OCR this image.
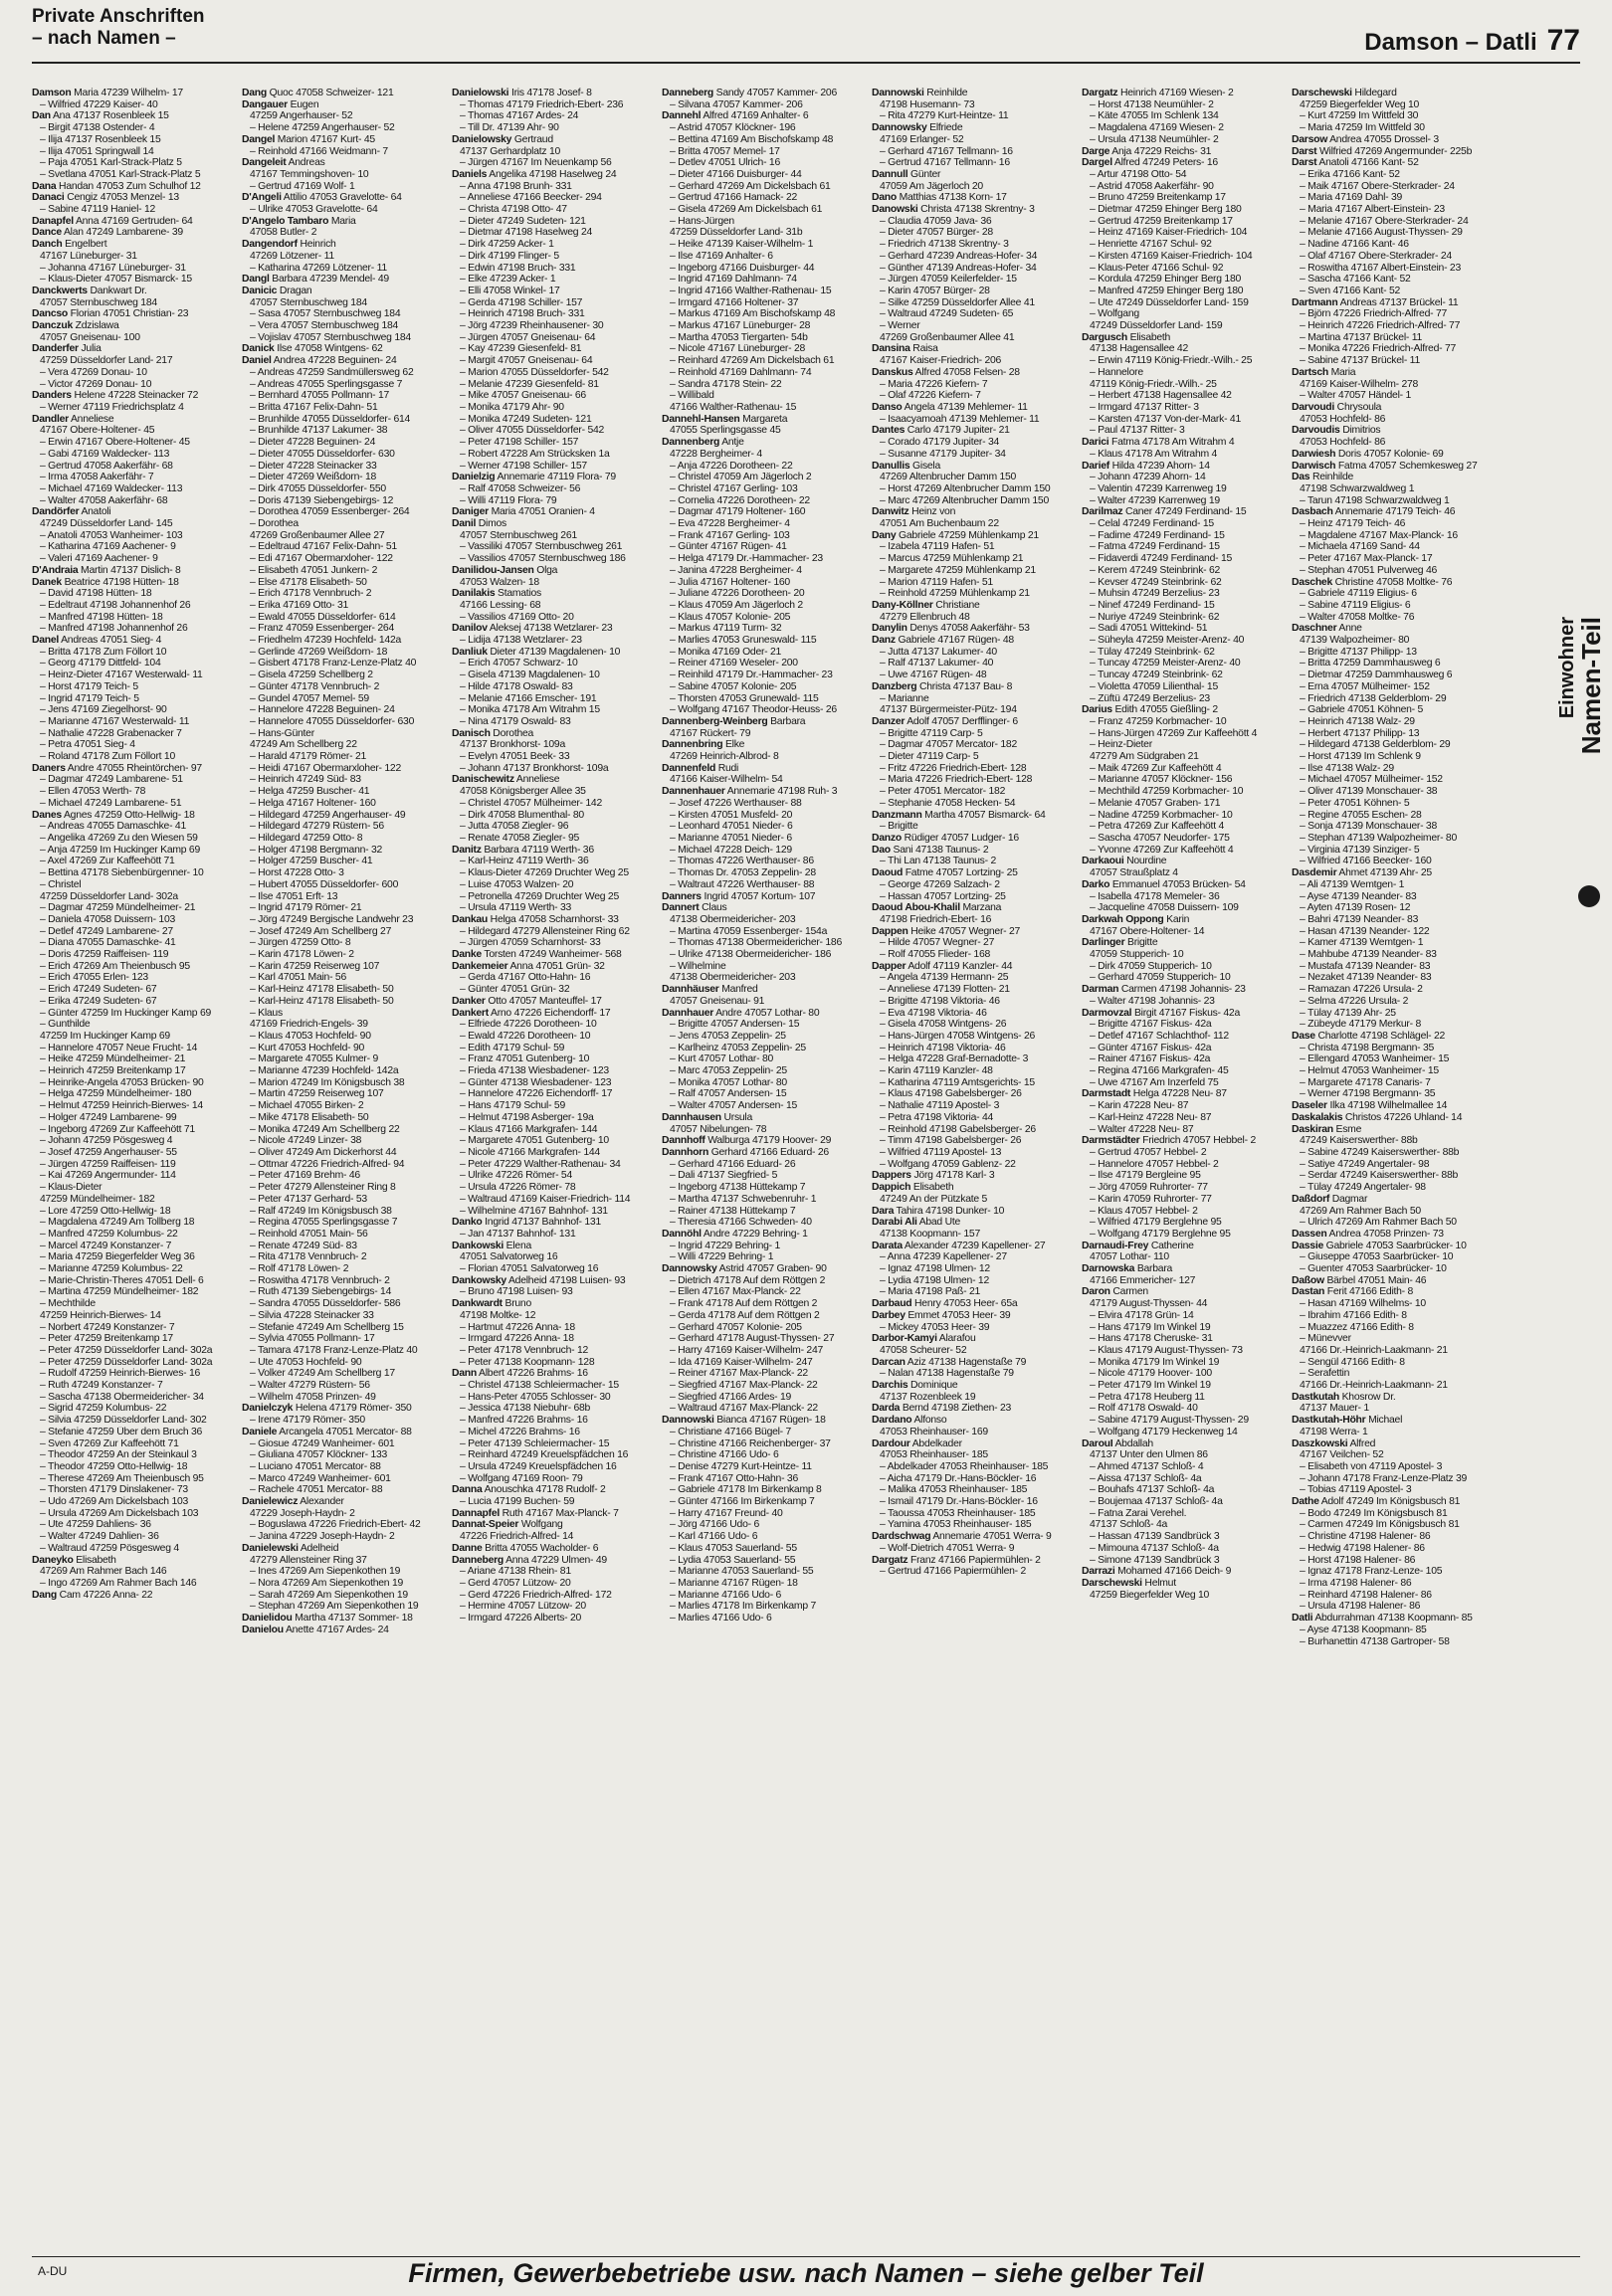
Private Anschriften
– nach Namen –	Damson – Datli 77
Damson Maria 47239 Wilhelm- 17
– Wilfried 47229 Kaiser- 40
Dan Ana 47137 Rosenbleek 15
– Birgit 47138 Ostender- 4
– Ilija 47137 Rosenbleek 15
– Ilija 47051 Springwall 14
– Paja 47051 Karl-Strack-Platz 5
– Svetlana 47051 Karl-Strack-Platz 5
Dana Handan 47053 Zum Schulhof 12
Danaci Cengiz 47053 Menzel- 13
– Sabine 47119 Haniel- 12
Danapfel Anna 47169 Gertruden- 64
Dance Alan 47249 Lambarene- 39
Danch Engelbert
47167 Lüneburger- 31
– Johanna 47167 Lüneburger- 31
– Klaus-Dieter 47057 Bismarck- 15
Danckwerts Dankwart Dr.
47057 Sternbuschweg 184
Dancso Florian 47051 Christian- 23
Danczuk Zdzislawa
47057 Gneisenau- 100
Danderfer Julia
47259 Düsseldorfer Land- 217
– Vera 47269 Donau- 10
– Victor 47269 Donau- 10
Danders Helene 47228 Steinacker 72
– Werner 47119 Friedrichsplatz 4
Dandler Anneliese
47167 Obere-Holtener- 45
– Erwin 47167 Obere-Holtener- 45
– Gabi 47169 Waldecker- 113
– Gertrud 47058 Aakerfähr- 68
– Irma 47058 Aakerfähr- 7
– Michael 47169 Waldecker- 113
– Walter 47058 Aakerfähr- 68
Dandörfer Anatoli
47249 Düsseldorfer Land- 145
– Anatoli 47053 Wanheimer- 103
– Katharina 47169 Aachener- 9
– Valeri 47169 Aachener- 9
D'Andraia Martin 47137 Dislich- 8
Danek Beatrice 47198 Hütten- 18
– David 47198 Hütten- 18
– Edeltraut 47198 Johannenhof 26
– Manfred 47198 Hütten- 18
– Manfred 47198 Johannenhof 26
Danel Andreas 47051 Sieg- 4
– Britta 47178 Zum Föllort 10
– Georg 47179 Dittfeld- 104
– Heinz-Dieter 47167 Westerwald- 11
– Horst 47179 Teich- 5
– Ingrid 47179 Teich- 5
– Jens 47169 Ziegelhorst- 90
– Marianne 47167 Westerwald- 11
– Nathalie 47228 Grabenacker 7
– Petra 47051 Sieg- 4
– Roland 47178 Zum Föllort 10
Daners Andre 47055 Rheintörchen- 97
– Dagmar 47249 Lambarene- 51
– Ellen 47053 Werth- 78
– Michael 47249 Lambarene- 51
Danes Agnes 47259 Otto-Hellwig- 18
– Andreas 47055 Damaschke- 41
– Angelika 47269 Zu den Wiesen 59
– Anja 47259 Im Huckinger Kamp 69
– Axel 47269 Zur Kaffeehött 71
– Bettina 47178 Siebenbürgenner- 10
– Christel
47259 Düsseldorfer Land- 302a
– Dagmar 47259 Mündelheimer- 21
– Daniela 47058 Duissern- 103
– Detlef 47249 Lambarene- 27
– Diana 47055 Damaschke- 41
– Doris 47259 Raiffeisen- 119
– Erich 47269 Am Theienbusch 95
– Erich 47055 Erlen- 123
– Erich 47249 Sudeten- 67
– Erika 47249 Sudeten- 67
– Günter 47259 Im Huckinger Kamp 69
– Gunthilde
47259 Im Huckinger Kamp 69
– Hannelore 47057 Neue Frucht- 14
– Heike 47259 Mündelheimer- 21
– Heinrich 47259 Breitenkamp 17
– Heinrike-Angela 47053 Brücken- 90
– Helga 47259 Mündelheimer- 180
– Helmut 47259 Heinrich-Bierwes- 14
– Holger 47249 Lambarene- 99
– Ingeborg 47269 Zur Kaffeehött 71
– Johann 47259 Pösgesweg 4
– Josef 47259 Angerhauser- 55
– Jürgen 47259 Raiffeisen- 119
– Kai 47269 Angermunder- 114
– Klaus-Dieter
47259 Mündelheimer- 182
– Lore 47259 Otto-Hellwig- 18
– Magdalena 47249 Am Tollberg 18
– Manfred 47259 Kolumbus- 22
– Marcel 47249 Konstanzer- 7
– Maria 47259 Biegerfelder Weg 36
– Marianne 47259 Kolumbus- 22
– Marie-Christin-Theres 47051 Dell- 6
– Martina 47259 Mündelheimer- 182
– Mechthilde
47259 Heinrich-Bierwes- 14
– Norbert 47249 Konstanzer- 7
– Peter 47259 Breitenkamp 17
– Peter 47259 Düsseldorfer Land- 302a
– Peter 47259 Düsseldorfer Land- 302a
– Rudolf 47259 Heinrich-Bierwes- 16
– Ruth 47249 Konstanzer- 7
– Sascha 47138 Obermeidericher- 34
– Sigrid 47259 Kolumbus- 22
– Silvia 47259 Düsseldorfer Land- 302
– Stefanie 47259 Über dem Bruch 36
– Sven 47269 Zur Kaffeehött 71
– Theodor 47259 An der Steinkaul 3
– Theodor 47259 Otto-Hellwig- 18
– Therese 47269 Am Theienbusch 95
– Thorsten 47179 Dinslakener- 73
– Udo 47269 Am Dickelsbach 103
– Ursula 47269 Am Dickelsbach 103
– Ute 47259 Dahliens- 36
– Walter 47249 Dahlien- 36
– Waltraud 47259 Pösgesweg 4
Daneyko Elisabeth
47269 Am Rahmer Bach 146
– Ingo 47269 Am Rahmer Bach 146
Dang Cam 47226 Anna- 22
Dang Quoc 47058 Schweizer- 121
Dangauer Eugen
47259 Angerhauser- 52
– Helene 47259 Angerhauser- 52
Dangel Marion 47167 Kurt- 45
– Reinhold 47166 Weidmann- 7
Dangeleit Andreas
47167 Temmingshoven- 10
– Gertrud 47169 Wolf- 1
D'Angeli Attilio 47053 Gravelotte- 64
– Ulrike 47053 Gravelotte- 64
D'Angelo Tambaro Maria
47058 Butler- 2
Dangendorf Heinrich
47269 Lötzener- 11
– Katharina 47269 Lötzener- 11
Dangl Barbara 47239 Mendel- 49
Danicic Dragan
47057 Sternbuschweg 184
– Sasa 47057 Sternbuschweg 184
– Vera 47057 Sternbuschweg 184
– Vojislav 47057 Sternbuschweg 184
Danick Ilse 47058 Wintgens- 62
Daniel Andrea 47228 Beguinen- 24
– Andreas 47259 Sandmüllersweg 62
– Andreas 47055 Sperlingsgasse 7
– Bernhard 47055 Pollmann- 17
– Britta 47167 Felix-Dahn- 51
– Brunhilde 47055 Düsseldorfer- 614
– Brunhilde 47137 Lakumer- 38
– Dieter 47228 Beguinen- 24
– Dieter 47055 Düsseldorfer- 630
– Dieter 47228 Steinacker 33
– Dieter 47269 Weißdorn- 18
– Dirk 47055 Düsseldorfer- 550
– Doris 47139 Siebengebirgs- 12
– Dorothea 47059 Essenberger- 264
– Dorothea
47269 Großenbaumer Allee 27
– Edeltraud 47167 Felix-Dahn- 51
– Edi 47167 Obermarxloher- 122
– Elisabeth 47051 Junkern- 2
– Else 47178 Elisabeth- 50
– Erich 47178 Vennbruch- 2
– Erika 47169 Otto- 31
– Ewald 47055 Düsseldorfer- 614
– Franz 47059 Essenberger- 264
– Friedhelm 47239 Hochfeld- 142a
– Gerlinde 47269 Weißdorn- 18
– Gisbert 47178 Franz-Lenze-Platz 40
– Gisela 47259 Schellberg 2
– Günter 47178 Vennbruch- 2
– Gundel 47057 Memel- 59
– Hannelore 47228 Beguinen- 24
– Hannelore 47055 Düsseldorfer- 630
– Hans-Günter
47249 Am Schellberg 22
– Harald 47179 Römer- 21
– Heidi 47167 Obermarxloher- 122
– Heinrich 47249 Süd- 83
– Helga 47259 Buscher- 41
– Helga 47167 Holtener- 160
– Hildegard 47259 Angerhauser- 49
– Hildegard 47279 Rüstern- 56
– Hildegard 47259 Otto- 8
– Holger 47198 Bergmann- 32
– Holger 47259 Buscher- 41
– Horst 47228 Otto- 3
– Hubert 47055 Düsseldorfer- 600
– Ilse 47051 Erft- 13
– Ingrid 47179 Römer- 21
– Jörg 47249 Bergische Landwehr 23
– Josef 47249 Am Schellberg 27
– Jürgen 47259 Otto- 8
– Karin 47178 Löwen- 2
– Karin 47259 Reiserweg 107
– Karl 47051 Main- 56
– Karl-Heinz 47178 Elisabeth- 50
– Karl-Heinz 47178 Elisabeth- 50
– Klaus
47169 Friedrich-Engels- 39
– Klaus 47053 Hochfeld- 90
– Kurt 47053 Hochfeld- 90
– Margarete 47055 Kulmer- 9
– Marianne 47239 Hochfeld- 142a
– Marion 47249 Im Königsbusch 38
– Martin 47259 Reiserweg 107
– Michael 47055 Birken- 2
– Mike 47178 Elisabeth- 50
– Monika 47249 Am Schellberg 22
– Nicole 47249 Linzer- 38
– Oliver 47249 Am Dickerhorst 44
– Ottmar 47226 Friedrich-Alfred- 94
– Peter 47169 Brehm- 46
– Peter 47279 Allensteiner Ring 8
– Peter 47137 Gerhard- 53
– Ralf 47249 Im Königsbusch 38
– Regina 47055 Sperlingsgasse 7
– Reinhold 47051 Main- 56
– Renate 47249 Süd- 83
– Rita 47178 Vennbruch- 2
– Rolf 47178 Löwen- 2
– Roswitha 47178 Vennbruch- 2
– Ruth 47139 Siebengebirgs- 14
– Sandra 47055 Düsseldorfer- 586
– Silvia 47228 Steinacker 33
– Stefanie 47249 Am Schellberg 15
– Sylvia 47055 Pollmann- 17
– Tamara 47178 Franz-Lenze-Platz 40
– Ute 47053 Hochfeld- 90
– Volker 47249 Am Schellberg 17
– Walter 47279 Rüstern- 56
– Wilhelm 47058 Prinzen- 49
Danielczyk Helena 47179 Römer- 350
– Irene 47179 Römer- 350
Daniele Arcangela 47051 Mercator- 88
– Giosue 47249 Wanheimer- 601
– Giuliana 47057 Klöckner- 133
– Luciano 47051 Mercator- 88
– Marco 47249 Wanheimer- 601
– Rachele 47051 Mercator- 88
Danielewicz Alexander
47229 Joseph-Haydn- 2
– Boguslawa 47226 Friedrich-Ebert- 42
– Janina 47229 Joseph-Haydn- 2
Danielewski Adelheid
47279 Allensteiner Ring 37
– Ines 47269 Am Siepenkothen 19
– Nora 47269 Am Siepenkothen 19
– Sarah 47269 Am Siepenkothen 19
– Stephan 47269 Am Siepenkothen 19
Danielidou Martha 47137 Sommer- 18
Danielou Anette 47167 Ardes- 24
Danielowski Iris 47178 Josef- 8
– Thomas 47179 Friedrich-Ebert- 236
– Thomas 47167 Ardes- 24
– Till Dr. 47139 Ahr- 90
Danielowsky Gertraud
47137 Gerhardplatz 10
– Jürgen 47167 Im Neuenkamp 56
Daniels Angelika 47198 Haselweg 24
– Anna 47198 Brunh- 331
– Anneliese 47166 Beecker- 294
– Christa 47198 Otto- 47
– Dieter 47249 Sudeten- 121
– Dietmar 47198 Haselweg 24
– Dirk 47259 Acker- 1
– Dirk 47199 Flinger- 5
– Edwin 47198 Bruch- 331
– Elke 47239 Acker- 1
– Elli 47058 Winkel- 17
– Gerda 47198 Schiller- 157
– Heinrich 47198 Bruch- 331
– Jörg 47239 Rheinhausener- 30
– Jürgen 47057 Gneisenau- 64
– Kay 47239 Giesenfeld- 81
– Margit 47057 Gneisenau- 64
– Marion 47055 Düsseldorfer- 542
– Melanie 47239 Giesenfeld- 81
– Mike 47057 Gneisenau- 66
– Monika 47179 Ahr- 90
– Monika 47249 Sudeten- 121
– Oliver 47055 Düsseldorfer- 542
– Peter 47198 Schiller- 157
– Robert 47228 Am Strücksken 1a
– Werner 47198 Schiller- 157
Danielzig Annemarie 47119 Flora- 79
– Ralf 47058 Schweizer- 56
– Willi 47119 Flora- 79
Daniger Maria 47051 Oranien- 4
Danil Dimos
47057 Sternbuschweg 261
– Vassiliki 47057 Sternbuschweg 261
– Vassilios 47057 Sternbuschweg 186
Danilidou-Jansen Olga
47053 Walzen- 18
Danilakis Stamatios
47166 Lessing- 68
– Vassilios 47169 Otto- 20
Danilov Aleksej 47138 Wetzlarer- 23
– Lidija 47138 Wetzlarer- 23
Danliuk Dieter 47139 Magdalenen- 10
– Erich 47057 Schwarz- 10
– Gisela 47139 Magdalenen- 10
– Hilde 47178 Oswald- 83
– Melanie 47166 Emscher- 191
– Monika 47178 Am Witrahm 15
– Nina 47179 Oswald- 83
Danisch Dorothea
47137 Bronkhorst- 109a
– Evelyn 47051 Beek- 33
– Johann 47137 Bronkhorst- 109a
Danischewitz Anneliese
47058 Königsberger Allee 35
– Christel 47057 Mülheimer- 142
– Dirk 47058 Blumenthal- 80
– Jutta 47058 Ziegler- 96
– Renate 47058 Ziegler- 95
Danitz Barbara 47119 Werth- 36
– Karl-Heinz 47119 Werth- 36
– Klaus-Dieter 47269 Druchter Weg 25
– Luise 47053 Walzen- 20
– Petronella 47269 Druchter Weg 25
– Ursula 47119 Werth- 33
Dankau Helga 47058 Scharnhorst- 33
– Hildegard 47279 Allensteiner Ring 62
– Jürgen 47059 Scharnhorst- 33
Danke Torsten 47249 Wanheimer- 568
Dankemeier Anna 47051 Grün- 32
– Gerda 47167 Otto-Hahn- 16
– Günter 47051 Grün- 32
Danker Otto 47057 Manteuffel- 17
Dankert Arno 47226 Eichendorff- 17
– Elfriede 47226 Dorotheen- 10
– Ewald 47226 Dorotheen- 10
– Edith 47179 Schul- 59
– Franz 47051 Gutenberg- 10
– Frieda 47138 Wiesbadener- 123
– Günter 47138 Wiesbadener- 123
– Hannelore 47226 Eichendorff- 17
– Hans 47179 Schul- 59
– Helmut 47198 Asberger- 19a
– Klaus 47166 Markgrafen- 144
– Margarete 47051 Gutenberg- 10
– Nicole 47166 Markgrafen- 144
– Peter 47229 Walther-Rathenau- 34
– Ulrike 47226 Römer- 54
– Ursula 47226 Römer- 78
– Waltraud 47169 Kaiser-Friedrich- 114
– Wilhelmine 47167 Bahnhof- 131
Danko Ingrid 47137 Bahnhof- 131
– Jan 47137 Bahnhof- 131
Dankowski Elena
47051 Salvatorweg 16
– Florian 47051 Salvatorweg 16
Dankowsky Adelheid 47198 Luisen- 93
– Bruno 47198 Luisen- 93
Dankwardt Bruno
47198 Moltke- 12
– Hartmut 47226 Anna- 18
– Irmgard 47226 Anna- 18
– Peter 47178 Vennbruch- 12
– Peter 47138 Koopmann- 128
Dann Albert 47226 Brahms- 16
– Christel 47138 Schleiermacher- 15
– Hans-Peter 47055 Schlosser- 30
– Jessica 47138 Niebuhr- 68b
– Manfred 47226 Brahms- 16
– Michel 47226 Brahms- 16
– Peter 47139 Schleiermacher- 15
– Reinhard 47249 Kreuelspfädchen 16
– Ursula 47249 Kreuelspfädchen 16
– Wolfgang 47169 Roon- 79
Danna Anouschka 47178 Rudolf- 2
– Lucia 47199 Buchen- 59
Dannapfel Ruth 47167 Max-Planck- 7
Dannat-Speier Wolfgang
47226 Friedrich-Alfred- 14
Danne Britta 47055 Wacholder- 6
Danneberg Anna 47229 Ulmen- 49
– Ariane 47138 Rhein- 81
– Gerd 47057 Lützow- 20
– Gerd 47226 Friedrich-Alfred- 172
– Hermine 47057 Lützow- 20
– Irmgard 47226 Alberts- 20
Danneberg Sandy 47057 Kammer- 206
– Silvana 47057 Kammer- 206
Dannehl Alfred 47169 Anhalter- 6
– Astrid 47057 Klöckner- 196
– Bettina 47169 Am Bischofskamp 48
– Britta 47057 Memel- 17
– Detlev 47051 Ulrich- 16
– Dieter 47166 Duisburger- 44
– Gerhard 47269 Am Dickelsbach 61
– Gertrud 47166 Hamack- 22
– Gisela 47269 Am Dickelsbach 61
– Hans-Jürgen
47259 Düsseldorfer Land- 31b
– Heike 47139 Kaiser-Wilhelm- 1
– Ilse 47169 Anhalter- 6
– Ingeborg 47166 Duisburger- 44
– Ingrid 47169 Dahlmann- 74
– Ingrid 47166 Walther-Rathenau- 15
– Irmgard 47166 Holtener- 37
– Markus 47169 Am Bischofskamp 48
– Markus 47167 Lüneburger- 28
– Martha 47053 Tiergarten- 54b
– Nicole 47167 Lüneburger- 28
– Reinhard 47269 Am Dickelsbach 61
– Reinhold 47169 Dahlmann- 74
– Sandra 47178 Stein- 22
– Willibald
47166 Walther-Rathenau- 15
Dannehl-Hansen Margareta
47055 Sperlingsgasse 45
Dannenberg Antje
47228 Bergheimer- 4
– Anja 47226 Dorotheen- 22
– Christel 47059 Am Jägerloch 2
– Christel 47167 Gerling- 103
– Cornelia 47226 Dorotheen- 22
– Dagmar 47179 Holtener- 160
– Eva 47228 Bergheimer- 4
– Frank 47167 Gerling- 103
– Günter 47167 Rügen- 41
– Helga 47179 Dr.-Hammacher- 23
– Janina 47228 Bergheimer- 4
– Julia 47167 Holtener- 160
– Juliane 47226 Dorotheen- 20
– Klaus 47059 Am Jägerloch 2
– Klaus 47057 Kolonie- 205
– Markus 47119 Turm- 32
– Marlies 47053 Gruneswald- 115
– Monika 47169 Oder- 21
– Reiner 47169 Weseler- 200
– Reinhild 47179 Dr.-Hammacher- 23
– Sabine 47057 Kolonie- 205
– Thorsten 47053 Grunewald- 115
– Wolfgang 47167 Theodor-Heuss- 26
Dannenberg-Weinberg Barbara
47167 Rückert- 79
Dannenbring Elke
47269 Heinrich-Albrod- 8
Dannenfeld Rudi
47166 Kaiser-Wilhelm- 54
Dannenhauer Annemarie 47198 Ruh- 3
– Josef 47226 Werthauser- 88
– Kirsten 47051 Musfeld- 20
– Leonhard 47051 Nieder- 6
– Marianne 47051 Nieder- 6
– Michael 47228 Deich- 129
– Thomas 47226 Werthauser- 86
– Thomas Dr. 47053 Zeppelin- 28
– Waltraut 47226 Werthauser- 88
Danners Ingrid 47057 Kortum- 107
Dannert Claus
47138 Obermeidericher- 203
– Martina 47059 Essenberger- 154a
– Thomas 47138 Obermeidericher- 186
– Ulrike 47138 Obermeidericher- 186
– Wilhelmine
47138 Obermeidericher- 203
Dannhäuser Manfred
47057 Gneisenau- 91
Dannhauer Andre 47057 Lothar- 80
– Brigitte 47057 Andersen- 15
– Jens 47053 Zeppelin- 25
– Karlheinz 47053 Zeppelin- 25
– Kurt 47057 Lothar- 80
– Marc 47053 Zeppelin- 25
– Monika 47057 Lothar- 80
– Ralf 47057 Andersen- 15
– Walter 47057 Andersen- 15
Dannhausen Ursula
47057 Nibelungen- 78
Dannhoff Walburga 47179 Hoover- 29
Dannhorn Gerhard 47166 Eduard- 26
– Gerhard 47166 Eduard- 26
– Dali 47137 Siegfried- 5
– Ingeborg 47138 Hüttekamp 7
– Martha 47137 Schwebenruhr- 1
– Rainer 47138 Hüttekamp 7
– Theresia 47166 Schweden- 40
Dannöhl Andre 47229 Behring- 1
– Ingrid 47229 Behring- 1
– Willi 47229 Behring- 1
Dannowsky Astrid 47057 Graben- 90
– Dietrich 47178 Auf dem Röttgen 2
– Ellen 47167 Max-Planck- 22
– Frank 47178 Auf dem Röttgen 2
– Gerda 47178 Auf dem Röttgen 2
– Gerhard 47057 Kolonie- 205
– Gerhard 47178 August-Thyssen- 27
– Harry 47169 Kaiser-Wilhelm- 247
– Ida 47169 Kaiser-Wilhelm- 247
– Reiner 47167 Max-Planck- 22
– Siegfried 47167 Max-Planck- 22
– Siegfried 47166 Ardes- 19
– Waltraud 47167 Max-Planck- 22
Dannowski Bianca 47167 Rügen- 18
– Christiane 47166 Bügel- 7
– Christine 47166 Reichenberger- 37
– Christine 47166 Udo- 6
– Denise 47279 Kurt-Heintze- 11
– Frank 47167 Otto-Hahn- 36
– Gabriele 47178 Im Birkenkamp 8
– Günter 47166 Im Birkenkamp 7
– Harry 47167 Freund- 40
– Jörg 47166 Udo- 6
– Karl 47166 Udo- 6
– Klaus 47053 Sauerland- 55
– Lydia 47053 Sauerland- 55
– Marianne 47053 Sauerland- 55
– Marianne 47167 Rügen- 18
– Marianne 47166 Udo- 6
– Marlies 47178 Im Birkenkamp 7
– Marlies 47166 Udo- 6
Dannowski Reinhilde
47198 Husemann- 73
– Rita 47279 Kurt-Heintze- 11
Dannowsky Elfriede
47169 Erlanger- 52
– Gerhard 47167 Tellmann- 16
– Gertrud 47167 Tellmann- 16
Dannull Günter
47059 Am Jägerloch 20
Dano Matthias 47138 Korn- 17
Danowski Christa 47138 Skrentny- 3
– Claudia 47059 Java- 36
– Dieter 47057 Bürger- 28
– Friedrich 47138 Skrentny- 3
– Gerhard 47239 Andreas-Hofer- 34
– Günther 47139 Andreas-Hofer- 34
– Jürgen 47059 Keilerfelder- 15
– Karin 47057 Bürger- 28
– Silke 47259 Düsseldorfer Allee 41
– Waltraud 47249 Sudeten- 65
– Werner
47269 Großenbaumer Allee 41
Dansina Raisa
47167 Kaiser-Friedrich- 206
Danskus Alfred 47058 Felsen- 28
– Maria 47226 Kiefern- 7
– Olaf 47226 Kiefern- 7
Danso Angela 47139 Mehlemer- 11
– Isaacyamoah 47139 Mehlemer- 11
Dantes Carlo 47179 Jupiter- 21
– Corado 47179 Jupiter- 34
– Susanne 47179 Jupiter- 34
Danullis Gisela
47269 Altenbrucher Damm 150
– Horst 47269 Altenbrucher Damm 150
– Marc 47269 Altenbrucher Damm 150
Danwitz Heinz von
47051 Am Buchenbaum 22
Dany Gabriele 47259 Mühlenkamp 21
– Izabela 47119 Hafen- 51
– Marcus 47259 Mühlenkamp 21
– Margarete 47259 Mühlenkamp 21
– Marion 47119 Hafen- 51
– Reinhold 47259 Mühlenkamp 21
Dany-Köllner Christiane
47279 Ellenbruch 48
Danylin Denys 47058 Aakerfähr- 53
Danz Gabriele 47167 Rügen- 48
– Jutta 47137 Lakumer- 40
– Ralf 47137 Lakumer- 40
– Uwe 47167 Rügen- 48
Danzberg Christa 47137 Bau- 8
– Marianne
47137 Bürgermeister-Pütz- 194
Danzer Adolf 47057 Derfflinger- 6
– Brigitte 47119 Carp- 5
– Dagmar 47057 Mercator- 182
– Dieter 47119 Carp- 5
– Fritz 47226 Friedrich-Ebert- 128
– Maria 47226 Friedrich-Ebert- 128
– Peter 47051 Mercator- 182
– Stephanie 47058 Hecken- 54
Danzmann Martha 47057 Bismarck- 64
– Brigitte
Danzo Rüdiger 47057 Ludger- 16
Dao Sani 47138 Taunus- 2
– Thi Lan 47138 Taunus- 2
Daoud Fatme 47057 Lortzing- 25
– George 47269 Salzach- 2
– Hassan 47057 Lortzing- 25
Daoud Abou-Khalil Marzana
47198 Friedrich-Ebert- 16
Dappen Heike 47057 Wegner- 27
– Hilde 47057 Wegner- 27
– Rolf 47055 Flieder- 168
Dapper Adolf 47119 Kanzler- 44
– Angela 47139 Hermann- 25
– Anneliese 47139 Flotten- 21
– Brigitte 47198 Viktoria- 46
– Eva 47198 Viktoria- 46
– Gisela 47058 Wintgens- 26
– Hans-Jürgen 47058 Wintgens- 26
– Heinrich 47198 Viktoria- 46
– Helga 47228 Graf-Bernadotte- 3
– Karin 47119 Kanzler- 48
– Katharina 47119 Amtsgerichts- 15
– Klaus 47198 Gabelsberger- 26
– Nathalie 47119 Apostel- 3
– Petra 47198 Viktoria- 44
– Reinhold 47198 Gabelsberger- 26
– Timm 47198 Gabelsberger- 26
– Wilfried 47119 Apostel- 13
– Wolfgang 47059 Gablenz- 22
Dappers Jörg 47178 Karl- 3
Dappich Elisabeth
47249 An der Pützkate 5
Dara Tahira 47198 Dunker- 10
Darabi Ali Abad Ute
47138 Koopmann- 157
Darata Alexander 47239 Kapellener- 27
– Anna 47239 Kapellener- 27
– Ignaz 47198 Ulmen- 12
– Lydia 47198 Ulmen- 12
– Maria 47198 Paß- 21
Darbaud Henry 47053 Heer- 65a
Darbey Emmet 47053 Heer- 39
– Mickey 47053 Heer- 39
Darbor-Kamyi Alarafou
47058 Scheurer- 52
Darcan Aziz 47138 Hagenstaße 79
– Nalan 47138 Hagenstaße 79
Darchis Dominique
47137 Rozenbleek 19
Darda Bernd 47198 Ziethen- 23
Dardano Alfonso
47053 Rheinhauser- 169
Dardour Abdelkader
47053 Rheinhauser- 185
– Abdelkader 47053 Rheinhauser- 185
– Aicha 47179 Dr.-Hans-Böckler- 16
– Malika 47053 Rheinhauser- 185
– Ismail 47179 Dr.-Hans-Böckler- 16
– Taoussa 47053 Rheinhauser- 185
– Yamina 47053 Rheinhauser- 185
Dardschwag Annemarie 47051 Werra- 9
– Wolf-Dietrich 47051 Werra- 9
Dargatz Franz 47166 Papiermühlen- 2
– Gertrud 47166 Papiermühlen- 2
Dargatz Heinrich 47169 Wiesen- 2
– Horst 47138 Neumühler- 2
– Käte 47055 Im Schlenk 134
– Magdalena 47169 Wiesen- 2
– Ursula 47138 Neumühler- 2
Darge Anja 47229 Reichs- 31
Dargel Alfred 47249 Peters- 16
– Artur 47198 Otto- 54
– Astrid 47058 Aakerfähr- 90
– Bruno 47259 Breitenkamp 17
– Dietmar 47259 Ehinger Berg 180
– Gertrud 47259 Breitenkamp 17
– Heinz 47169 Kaiser-Friedrich- 104
– Henriette 47167 Schul- 92
– Kirsten 47169 Kaiser-Friedrich- 104
– Klaus-Peter 47166 Schul- 92
– Kordula 47259 Ehinger Berg 180
– Manfred 47259 Ehinger Berg 180
– Ute 47249 Düsseldorfer Land- 159
– Wolfgang
47249 Düsseldorfer Land- 159
Dargusch Elisabeth
47138 Hagensallee 42
– Erwin 47119 König-Friedr.-Wilh.- 25
– Hannelore
47119 König-Friedr.-Wilh.- 25
– Herbert 47138 Hagensallee 42
– Irmgard 47137 Ritter- 3
– Karsten 47137 Von-der-Mark- 41
– Paul 47137 Ritter- 3
Darici Fatma 47178 Am Witrahm 4
– Klaus 47178 Am Witrahm 4
Darief Hilda 47239 Ahorn- 14
– Johann 47239 Ahorn- 14
– Valentin 47239 Karrenweg 19
– Walter 47239 Karrenweg 19
Darilmaz Caner 47249 Ferdinand- 15
– Celal 47249 Ferdinand- 15
– Fadime 47249 Ferdinand- 15
– Fatma 47249 Ferdinand- 15
– Fidaverdi 47249 Ferdinand- 15
– Kerem 47249 Steinbrink- 62
– Kevser 47249 Steinbrink- 62
– Muhsin 47249 Berzelius- 23
– Ninef 47249 Ferdinand- 15
– Nuriye 47249 Steinbrink- 62
– Sadi 47051 Wittekind- 51
– Süheyla 47259 Meister-Arenz- 40
– Tülay 47249 Steinbrink- 62
– Tuncay 47259 Meister-Arenz- 40
– Tuncay 47249 Steinbrink- 62
– Violetta 47059 Lilienthal- 15
– Züftü 47249 Berzelius- 23
Darius Edith 47055 Gießling- 2
– Franz 47259 Korbmacher- 10
– Hans-Jürgen 47269 Zur Kaffeehött 4
– Heinz-Dieter
47279 Am Südgraben 21
– Maik 47269 Zur Kaffeehött 4
– Marianne 47057 Klöckner- 156
– Mechthild 47259 Korbmacher- 10
– Melanie 47057 Graben- 171
– Nadine 47259 Korbmacher- 10
– Petra 47269 Zur Kaffeehött 4
– Sascha 47057 Neudorfer- 175
– Yvonne 47269 Zur Kaffeehött 4
Darkaoui Nourdine
47057 Straußplatz 4
Darko Emmanuel 47053 Brücken- 54
– Isabella 47178 Memeler- 36
– Jacqueline 47058 Duissern- 109
Darkwah Oppong Karin
47167 Obere-Holtener- 14
Darlinger Brigitte
47059 Stupperich- 10
– Dirk 47059 Stupperich- 10
– Gerhard 47059 Stupperich- 10
Darman Carmen 47198 Johannis- 23
– Walter 47198 Johannis- 23
Darmovzal Birgit 47167 Fiskus- 42a
– Brigitte 47167 Fiskus- 42a
– Detlef 47167 Schlachthof- 112
– Günter 47167 Fiskus- 42a
– Rainer 47167 Fiskus- 42a
– Regina 47166 Markgrafen- 45
– Uwe 47167 Am Inzerfeld 75
Darmstadt Helga 47228 Neu- 87
– Karin 47228 Neu- 87
– Karl-Heinz 47228 Neu- 87
– Walter 47228 Neu- 87
Darmstädter Friedrich 47057 Hebbel- 2
– Gertrud 47057 Hebbel- 2
– Hannelore 47057 Hebbel- 2
– Ilse 47179 Bergleine 95
– Jörg 47059 Ruhrorter- 77
– Karin 47059 Ruhrorter- 77
– Klaus 47057 Hebbel- 2
– Wilfried 47179 Berglehne 95
– Wolfgang 47179 Berglehne 95
Darnaudi-Frey Catherine
47057 Lothar- 110
Darnowska Barbara
47166 Emmericher- 127
Daron Carmen
47179 August-Thyssen- 44
– Elvira 47178 Grün- 14
– Hans 47179 Im Winkel 19
– Hans 47178 Cheruske- 31
– Klaus 47179 August-Thyssen- 73
– Monika 47179 Im Winkel 19
– Nicole 47179 Hoover- 100
– Peter 47179 Im Winkel 19
– Petra 47178 Heuberg 11
– Rolf 47178 Oswald- 40
– Sabine 47179 August-Thyssen- 29
– Wolfgang 47179 Heckenweg 14
DarouI Abdallah
47137 Unter den Ulmen 86
– Ahmed 47137 Schloß- 4
– Aissa 47137 Schloß- 4a
– Bouhafs 47137 Schloß- 4a
– Boujemaa 47137 Schloß- 4a
– Fatna Zarai Verehel.
47137 Schloß- 4a
– Hassan 47139 Sandbrück 3
– Mimouna 47137 Schloß- 4a
– Simone 47139 Sandbrück 3
Darrazi Mohamed 47166 Deich- 9
Darschewski Helmut
47259 Biegerfelder Weg 10
Darschewski Hildegard
47259 Biegerfelder Weg 10
– Kurt 47259 Im Wittfeld 30
– Maria 47259 Im Wittfeld 30
Darsow Andrea 47055 Drossel- 3
Darst Wilfried 47269 Angermunder- 225b
Darst Anatoli 47166 Kant- 52
– Erika 47166 Kant- 52
– Maik 47167 Obere-Sterkrader- 24
– Maria 47169 Dahl- 39
– Maria 47167 Albert-Einstein- 23
– Melanie 47167 Obere-Sterkrader- 24
– Melanie 47166 August-Thyssen- 29
– Nadine 47166 Kant- 46
– Olaf 47167 Obere-Sterkrader- 24
– Roswitha 47167 Albert-Einstein- 23
– Sascha 47166 Kant- 52
– Sven 47166 Kant- 52
Dartmann Andreas 47137 Brückel- 11
– Björn 47226 Friedrich-Alfred- 77
– Heinrich 47226 Friedrich-Alfred- 77
– Martina 47137 Brückel- 11
– Monika 47226 Friedrich-Alfred- 77
– Sabine 47137 Brückel- 11
Dartsch Maria
47169 Kaiser-Wilhelm- 278
– Walter 47057 Händel- 1
Darvoudi Chrysoula
47053 Hochfeld- 86
Darvoudis Dimitrios
47053 Hochfeld- 86
Darwiesh Doris 47057 Kolonie- 69
Darwisch Fatma 47057 Schemkesweg 27
Das Reinhilde
47198 Schwarzwaldweg 1
– Tarun 47198 Schwarzwaldweg 1
Dasbach Annemarie 47179 Teich- 46
– Heinz 47179 Teich- 46
– Magdalene 47167 Max-Planck- 16
– Michaela 47169 Sand- 44
– Peter 47167 Max-Planck- 17
– Stephan 47051 Pulverweg 46
Daschek Christine 47058 Moltke- 76
– Gabriele 47119 Eligius- 6
– Sabine 47119 Eligius- 6
– Walter 47058 Moltke- 76
Daschner Anne
47139 Walpozheimer- 80
– Brigitte 47137 Philipp- 13
– Britta 47259 Dammhausweg 6
– Dietmar 47259 Dammhausweg 6
– Erna 47057 Mülheimer- 152
– Friedrich 47138 Gelderblom- 29
– Gabriele 47051 Köhnen- 5
– Heinrich 47138 Walz- 29
– Herbert 47137 Philipp- 13
– Hildegard 47138 Gelderblom- 29
– Horst 47139 Im Schlenk 9
– Ilse 47138 Walz- 29
– Michael 47057 Mülheimer- 152
– Oliver 47139 Monschauer- 38
– Peter 47051 Köhnen- 5
– Regine 47055 Eschen- 28
– Sonja 47139 Monschauer- 38
– Stephan 47139 Walpozheimer- 80
– Virginia 47139 Sinziger- 5
– Wilfried 47166 Beecker- 160
Dasdemir Ahmet 47139 Ahr- 25
– Ali 47139 Wemtgen- 1
– Ayse 47139 Neander- 83
– Ayten 47139 Rosen- 12
– Bahri 47139 Neander- 83
– Hasan 47139 Neander- 122
– Kamer 47139 Wemtgen- 1
– Mahbube 47139 Neander- 83
– Mustafa 47139 Neander- 83
– Nezaket 47139 Neander- 83
– Ramazan 47226 Ursula- 2
– Selma 47226 Ursula- 2
– Tülay 47139 Ahr- 25
– Zübeyde 47179 Merkur- 8
Dase Charlotte 47198 Schlägel- 22
– Christa 47198 Bergmann- 35
– Ellengard 47053 Wanheimer- 15
– Helmut 47053 Wanheimer- 15
– Margarete 47178 Canaris- 7
– Werner 47198 Bergmann- 35
Daseler Ilka 47198 Wilhelmallee 14
Daskalakis Christos 47226 Uhland- 14
Daskiran Esme
47249 Kaiserswerther- 88b
– Sabine 47249 Kaiserswerther- 88b
– Satiye 47249 Angertaler- 98
– Serdar 47249 Kaiserswerther- 88b
– Tülay 47249 Angertaler- 98
Daßdorf Dagmar
47269 Am Rahmer Bach 50
– Ulrich 47269 Am Rahmer Bach 50
Dassen Andrea 47058 Prinzen- 73
Dassie Gabriele 47053 Saarbrücker- 10
– Giuseppe 47053 Saarbrücker- 10
– Guenter 47053 Saarbrücker- 10
Daßow Bärbel 47051 Main- 46
Dastan Ferit 47166 Edith- 8
– Hasan 47169 Wilhelms- 10
– Ibrahim 47166 Edith- 8
– Muazzez 47166 Edith- 8
– Münevver
47166 Dr.-Heinrich-Laakmann- 21
– Sengül 47166 Edith- 8
– Serafettin
47166 Dr.-Heinrich-Laakmann- 21
Dastkutah Khosrow Dr.
47137 Mauer- 1
Dastkutah-Höhr Michael
47198 Werra- 1
Daszkowski Alfred
47167 Veilchen- 52
– Elisabeth von 47119 Apostel- 3
– Johann 47178 Franz-Lenze-Platz 39
– Tobias 47119 Apostel- 3
Dathe Adolf 47249 Im Königsbusch 81
– Bodo 47249 Im Königsbusch 81
– Carmen 47249 Im Königsbusch 81
– Christine 47198 Halener- 86
– Hedwig 47198 Halener- 86
– Horst 47198 Halener- 86
– Ignaz 47178 Franz-Lenze- 105
– Irma 47198 Halener- 86
– Reinhard 47198 Halener- 86
– Ursula 47198 Halener- 86
Datli Abdurrahman 47138 Koopmann- 85
– Ayse 47138 Koopmann- 85
– Burhanettin 47138 Gartroper- 58
Einwohner
Namen-Teil
A-DU	Firmen, Gewerbebetriebe usw. nach Namen – siehe gelber Teil
